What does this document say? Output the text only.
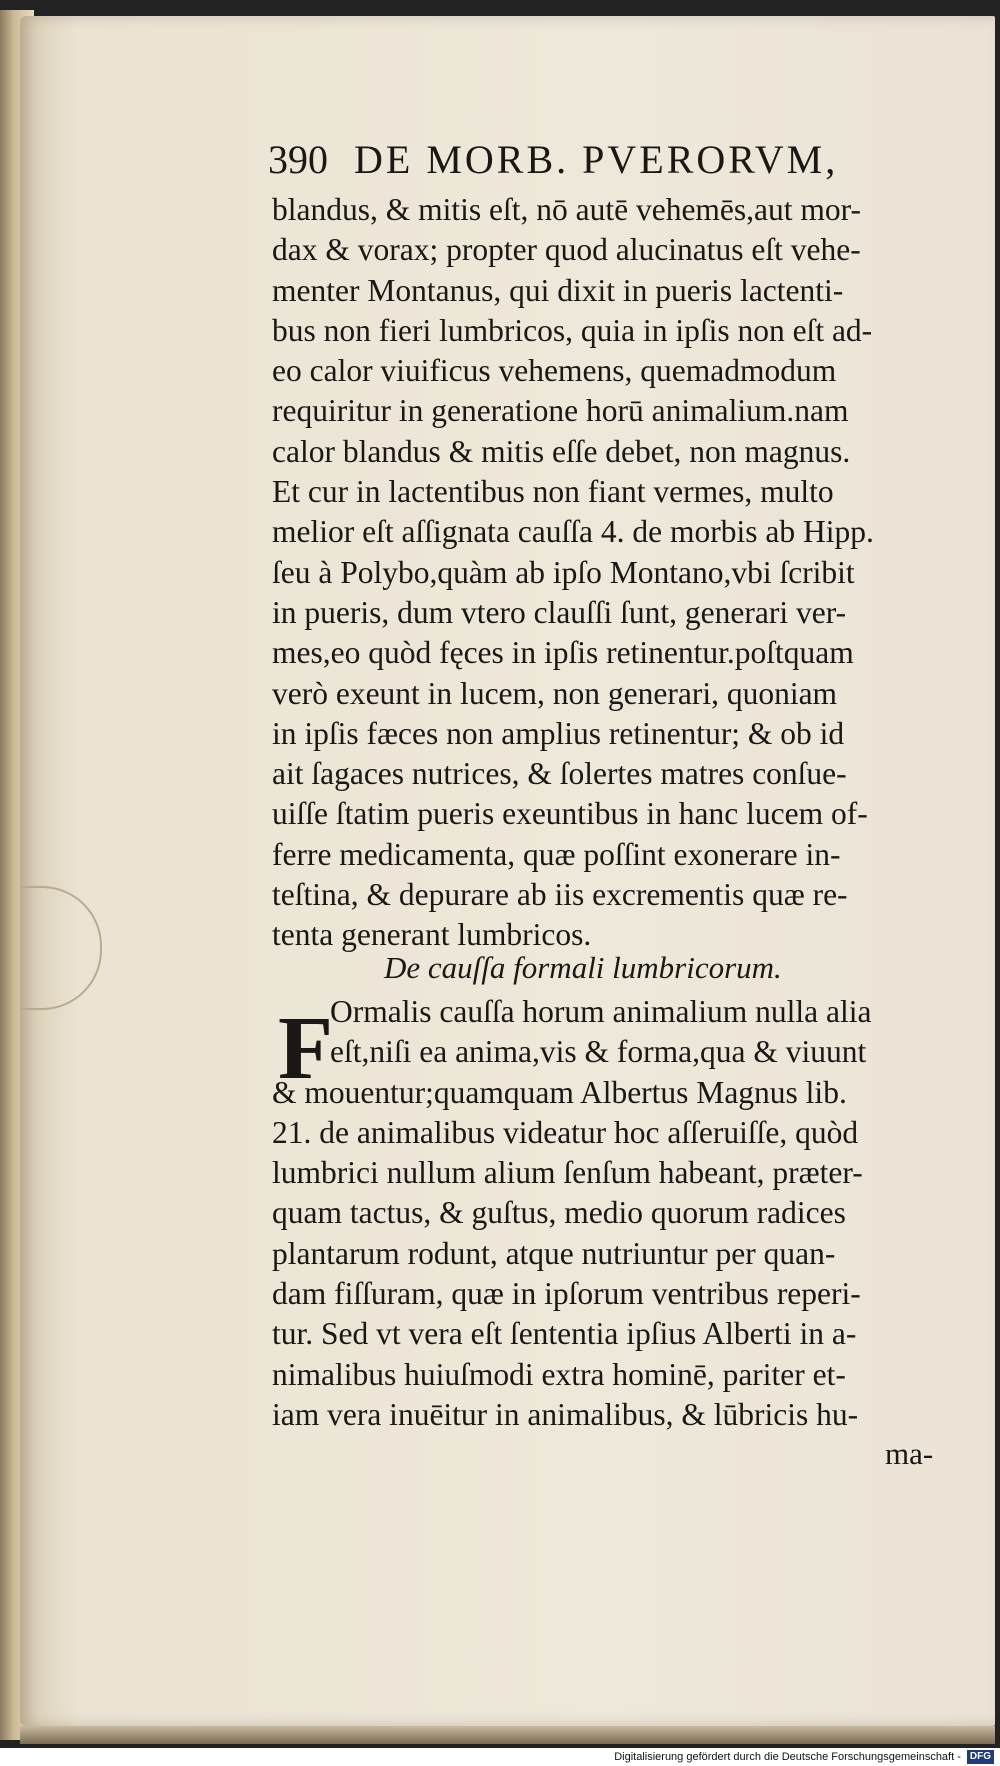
390 DE MORB. PVERORVM,
blandus, & mitis eſt, nō autē vehemēs,aut mor-
dax & vorax; propter quod alucinatus eſt vehe-
menter Montanus, qui dixit in pueris lactenti-
bus non fieri lumbricos, quia in ipſis non eſt ad-
eo calor viuificus vehemens, quemadmodum
requiritur in generatione horū animalium.nam
calor blandus & mitis eſſe debet, non magnus.
Et cur in lactentibus non fiant vermes, multo
melior eſt aſſignata cauſſa 4. de morbis ab Hipp.
ſeu à Polybo,quàm ab ipſo Montano,vbi ſcribit
in pueris, dum vtero clauſſi ſunt, generari ver-
mes,eo quòd fęces in ipſis retinentur.poſtquam
verò exeunt in lucem, non generari, quoniam
in ipſis fæces non amplius retinentur; & ob id
ait ſagaces nutrices, & ſolertes matres conſue-
uiſſe ſtatim pueris exeuntibus in hanc lucem of-
ferre medicamenta, quæ poſſint exonerare in-
teſtina, & depurare ab iis excrementis quæ re-
tenta generant lumbricos.
De cauſſa formali lumbricorum.
F
Ormalis cauſſa horum animalium nulla alia
eſt,niſi ea anima,vis & forma,qua & viuunt
& mouentur;quamquam Albertus Magnus lib.
21. de animalibus videatur hoc aſſeruiſſe, quòd
lumbrici nullum alium ſenſum habeant, præter-
quam tactus, & guſtus, medio quorum radices
plantarum rodunt, atque nutriuntur per quan-
dam fiſſuram, quæ in ipſorum ventribus reperi-
tur. Sed vt vera eſt ſententia ipſius Alberti in a-
nimalibus huiuſmodi extra hominē, pariter et-
iam vera inuēitur in animalibus, & lūbricis hu-
ma-
Digitalisierung gefördert durch die Deutsche Forschungsgemeinschaft - DFG
